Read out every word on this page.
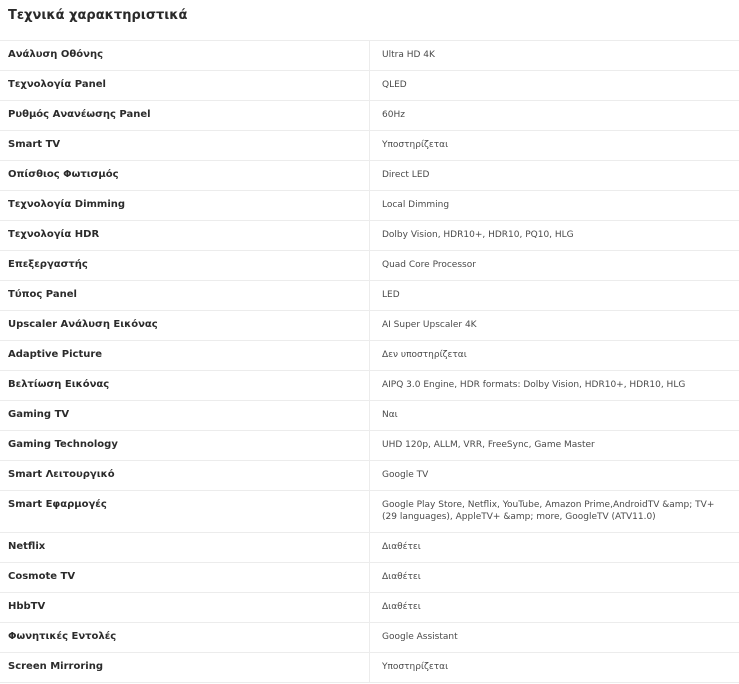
Τεχνικά χαρακτηριστικά
Ανάλυση Οθόνης	Ultra HD 4K
Τεχνολογία Panel	QLED
Ρυθμός Ανανέωσης Panel	60Hz
Smart TV	Υποστηρίζεται
Οπίσθιος Φωτισμός	Direct LED
Τεχνολογία Dimming	Local Dimming
Τεχνολογία HDR	Dolby Vision, HDR10+, HDR10, PQ10, HLG
Επεξεργαστής	Quad Core Processor
Τύπος Panel	LED
Upscaler Ανάλυση Εικόνας	AI Super Upscaler 4K
Adaptive Picture	Δεν υποστηρίζεται
Βελτίωση Εικόνας	AIPQ 3.0 Engine, HDR formats: Dolby Vision, HDR10+, HDR10, HLG
Gaming TV	Ναι
Gaming Technology	UHD 120p, ALLM, VRR, FreeSync, Game Master
Smart Λειτουργικό	Google TV
Smart Εφαρμογές	Google Play Store, Netflix, YouTube, Amazon Prime,AndroidTV &amp; TV+ (29 languages), AppleTV+ &amp; more, GoogleTV (ATV11.0)
Netflix	Διαθέτει
Cosmote TV	Διαθέτει
HbbTV	Διαθέτει
Φωνητικές Εντολές	Google Assistant
Screen Mirroring	Υποστηρίζεται
